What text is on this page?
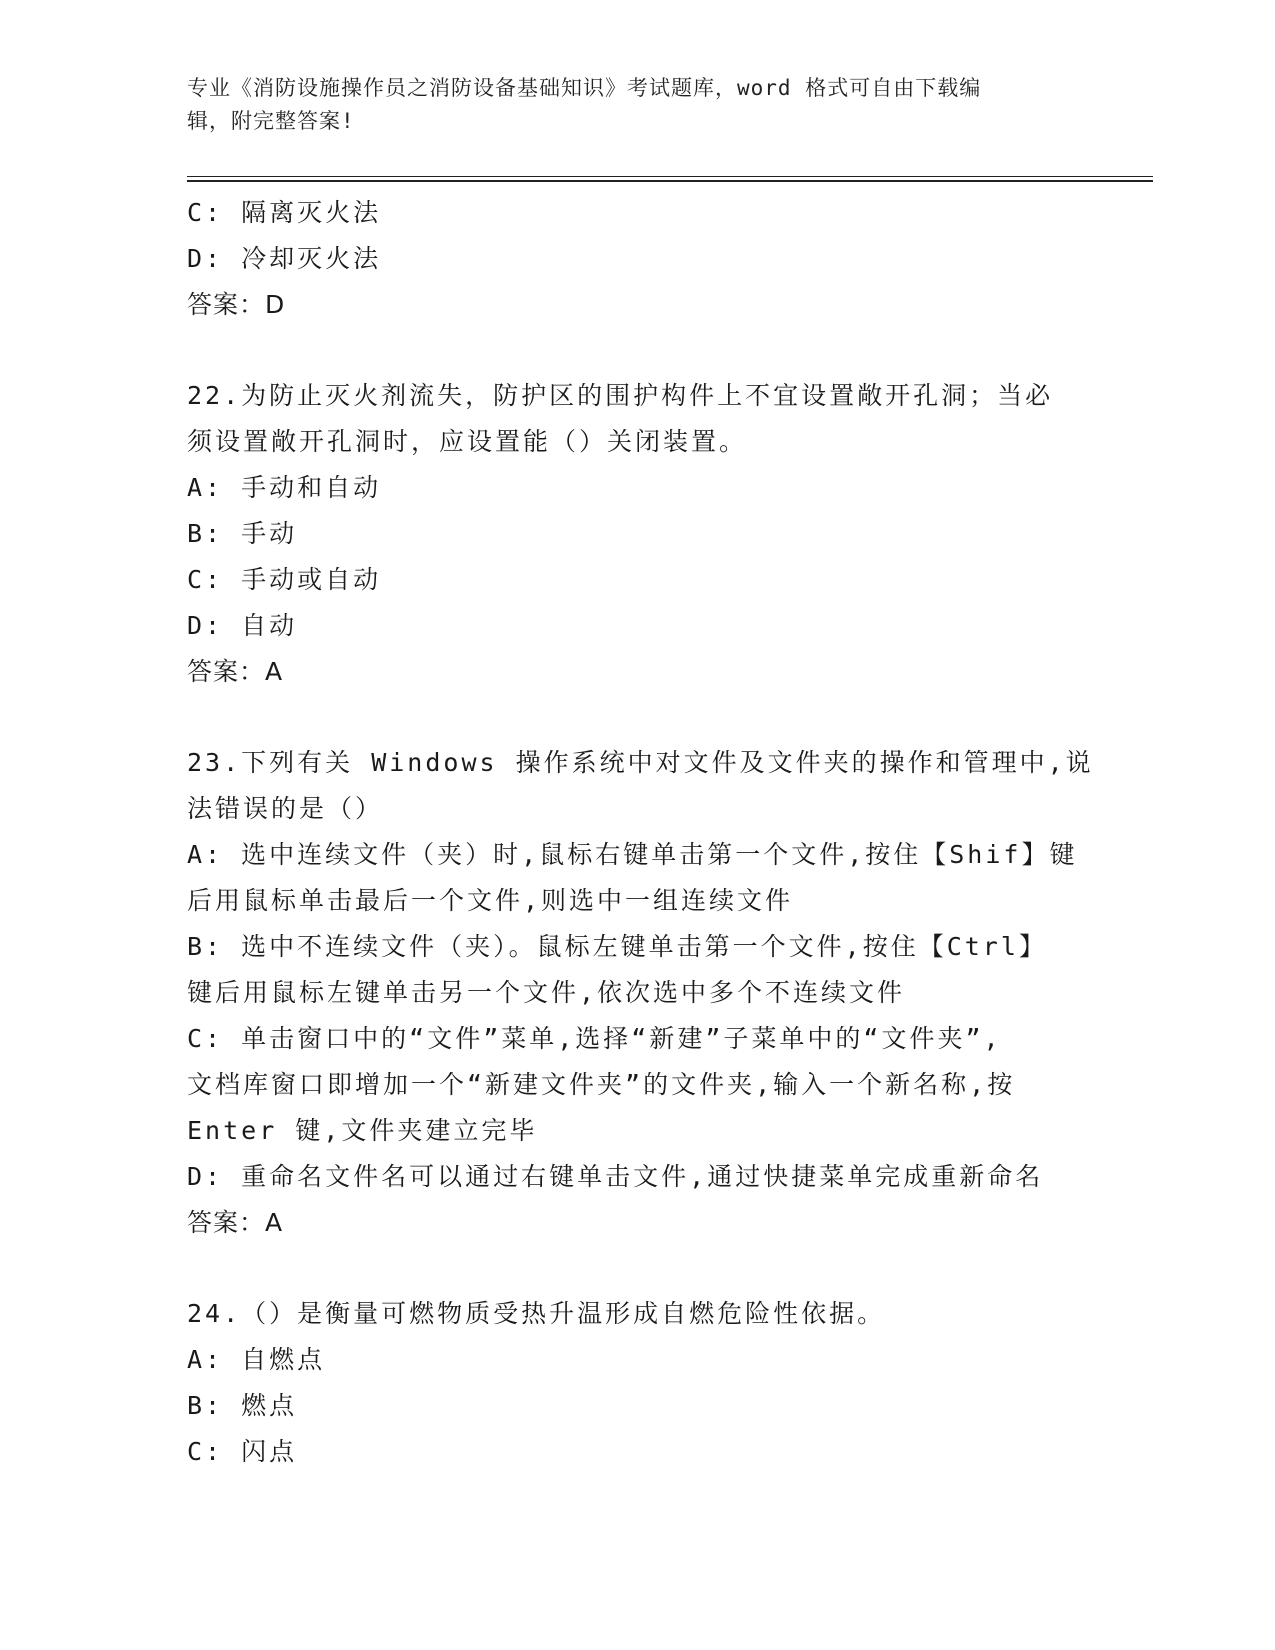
专业《消防设施操作员之消防设备基础知识》考试题库，word 格式可自由下载编
辑，附完整答案!
C: 隔离灭火法
D: 冷却灭火法
答案：D
22.为防止灭火剂流失，防护区的围护构件上不宜设置敞开孔洞；当必
须设置敞开孔洞时，应设置能（）关闭装置。
A: 手动和自动
B: 手动
C: 手动或自动
D: 自动
答案：A
23.下列有关 Windows 操作系统中对文件及文件夹的操作和管理中,说
法错误的是（）
A: 选中连续文件（夹）时,鼠标右键单击第一个文件,按住【Shif】键
后用鼠标单击最后一个文件,则选中一组连续文件
B: 选中不连续文件（夹）。鼠标左键单击第一个文件,按住【Ctrl】
键后用鼠标左键单击另一个文件,依次选中多个不连续文件
C: 单击窗口中的“文件”菜单,选择“新建”子菜单中的“文件夹”,
文档库窗口即增加一个“新建文件夹”的文件夹,输入一个新名称,按
Enter 键,文件夹建立完毕
D: 重命名文件名可以通过右键单击文件,通过快捷菜单完成重新命名
答案：A
24.（）是衡量可燃物质受热升温形成自燃危险性依据。
A: 自燃点
B: 燃点
C: 闪点
